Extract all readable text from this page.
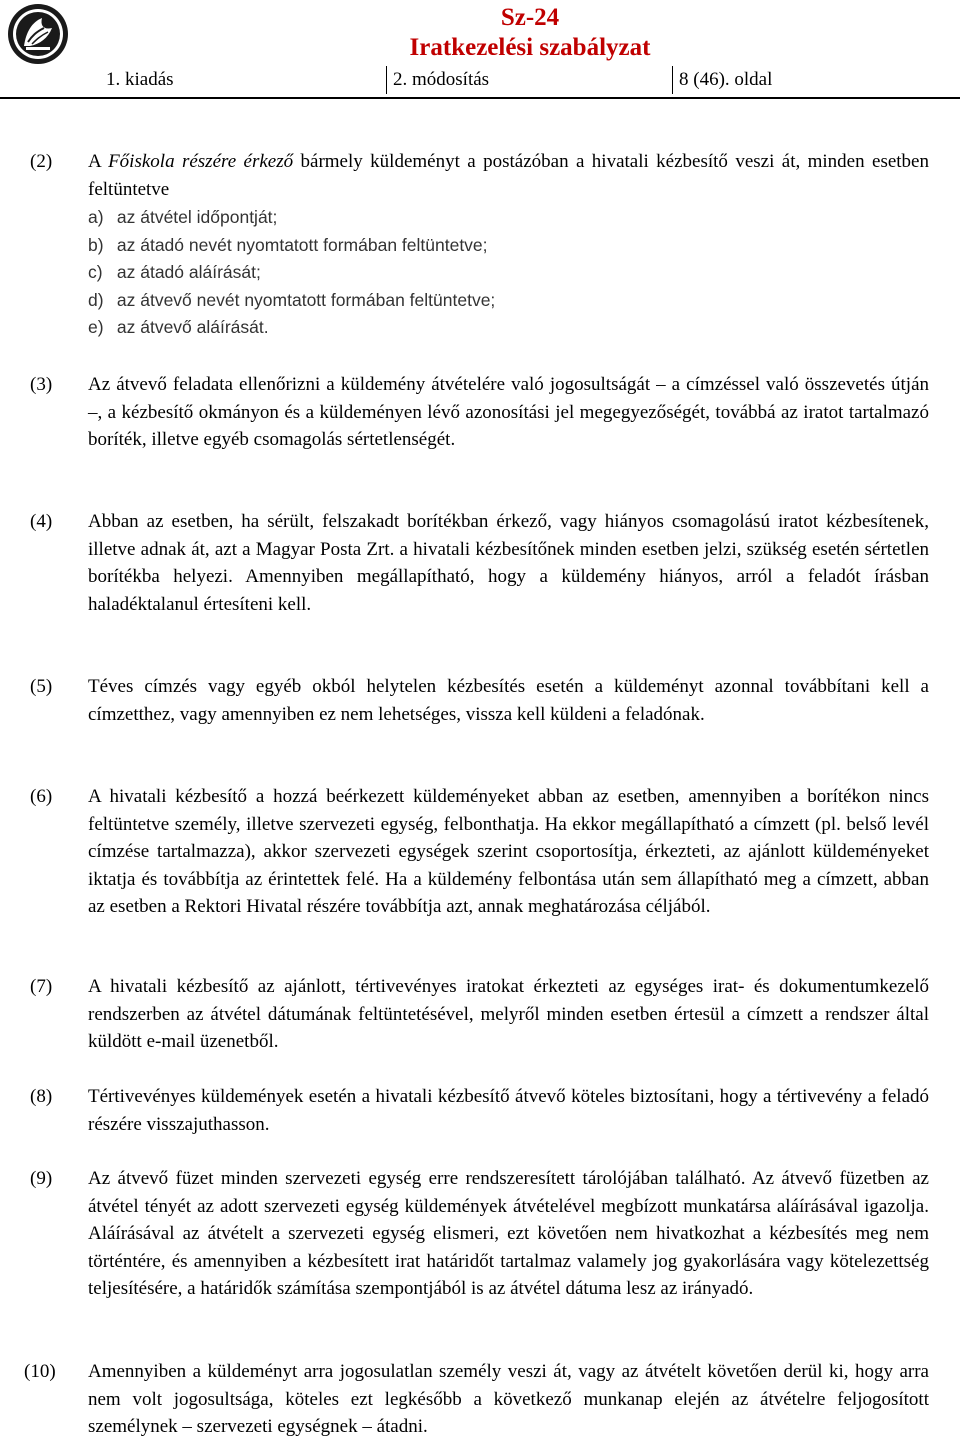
Sz-24
Iratkezelési szabályzat
1. kiadás	2. módosítás	8 (46). oldal
(2) A Főiskola részére érkező bármely küldeményt a postázóban a hivatali kézbesítő veszi át, minden esetben feltüntetve
a) az átvétel időpontját;
b) az átadó nevét nyomtatott formában feltüntetve;
c) az átadó aláírását;
d) az átvevő nevét nyomtatott formában feltüntetve;
e) az átvevő aláírását.
(3) Az átvevő feladata ellenőrizni a küldemény átvételére való jogosultságát – a címzéssel való összevetés útján –, a kézbesítő okmányon és a küldeményen lévő azonosítási jel megegyezőségét, továbbá az iratot tartalmazó boríték, illetve egyéb csomagolás sértetlenségét.

(4) Abban az esetben, ha sérült, felszakadt borítékban érkező, vagy hiányos csomagolású iratot kézbesítenek, illetve adnak át, azt a Magyar Posta Zrt. a hivatali kézbesítőnek minden esetben jelzi, szükség esetén sértetlen borítékba helyezi. Amennyiben megállapítható, hogy a küldemény hiányos, arról a feladót írásban haladéktalanul értesíteni kell.

(5) Téves címzés vagy egyéb okból helytelen kézbesítés esetén a küldeményt azonnal továbbítani kell a címzetthez, vagy amennyiben ez nem lehetséges, vissza kell küldeni a feladónak.

(6) A hivatali kézbesítő a hozzá beérkezett küldeményeket abban az esetben, amennyiben a borítékon nincs feltüntetve személy, illetve szervezeti egység, felbonthatja. Ha ekkor megállapítható a címzett (pl. belső levél címzése tartalmazza), akkor szervezeti egységek szerint csoportosítja, érkezteti, az ajánlott küldeményeket iktatja és továbbítja az érintettek felé. Ha a küldemény felbontása után sem állapítható meg a címzett, abban az esetben a Rektori Hivatal részére továbbítja azt, annak meghatározása céljából.

(7) A hivatali kézbesítő az ajánlott, tértivevényes iratokat érkezteti az egységes irat- és dokumentumkezelő rendszerben az átvétel dátumának feltüntetésével, melyről minden esetben értesül a címzett a rendszer által küldött e-mail üzenetből.

(8) Tértivevényes küldemények esetén a hivatali kézbesítő átvevő köteles biztosítani, hogy a tértivevény a feladó részére visszajuthasson.

(9) Az átvevő füzet minden szervezeti egység erre rendszeresített tárolójában található. Az átvevő füzetben az átvétel tényét az adott szervezeti egység küldemények átvételével megbízott munkatársa aláírásával igazolja. Aláírásával az átvételt a szervezeti egység elismeri, ezt követően nem hivatkozhat a kézbesítés meg nem történtére, és amennyiben a kézbesített irat határidőt tartalmaz valamely jog gyakorlására vagy kötelezettség teljesítésére, a határidők számítása szempontjából is az átvétel dátuma lesz az irányadó.

(10) Amennyiben a küldeményt arra jogosulatlan személy veszi át, vagy az átvételt követően derül ki, hogy arra nem volt jogosultsága, köteles ezt legkésőbb a következő munkanap elején az átvételre feljogosított személynek – szervezeti egységnek – átadni.
